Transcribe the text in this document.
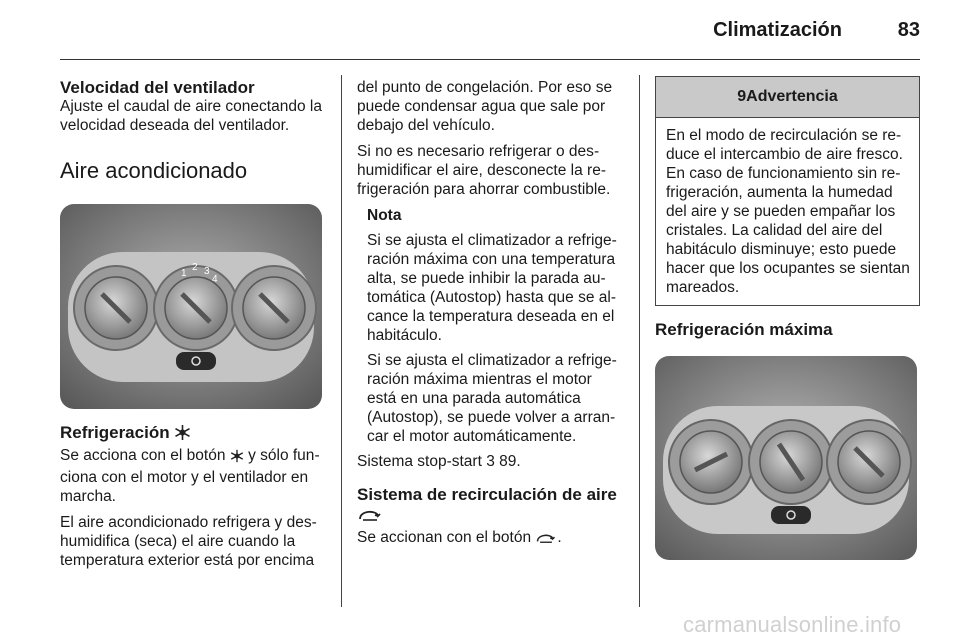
Climatización	83

Velocidad del ventilador

Ajuste el caudal de aire conectando la velocidad deseada del ventilador.

Aire acondicionado

1
2 3
4

Refrigeración

Se acciona con el botón y sólo funciona con el motor y el ventilador en marcha.

El aire acondicionado refrigera y deshumidifica (seca) el aire cuando la temperatura exterior está por encima

del punto de congelación. Por eso se puede condensar agua que sale por debajo del vehículo.

Si no es necesario refrigerar o deshumidificar el aire, desconecte la refrigeración para ahorrar combustible.

Nota

Si se ajusta el climatizador a refrigeración máxima con una temperatura alta, se puede inhibir la parada automática (Autostop) hasta que se alcance la temperatura deseada en el habitáculo.

Si se ajusta el climatizador a refrigeración máxima mientras el motor está en una parada automática (Autostop), se puede volver a arrancar el motor automáticamente.

Sistema stop-start 3 89.

Sistema de recirculación de aire

Se accionan con el botón .

9Advertencia
En el modo de recirculación se reduce el intercambio de aire fresco. En caso de funcionamiento sin refrigeración, aumenta la humedad del aire y se pueden empañar los cristales. La calidad del aire del habitáculo disminuye; esto puede hacer que los ocupantes se sientan mareados.

Refrigeración máxima

carmanualsonline.info
